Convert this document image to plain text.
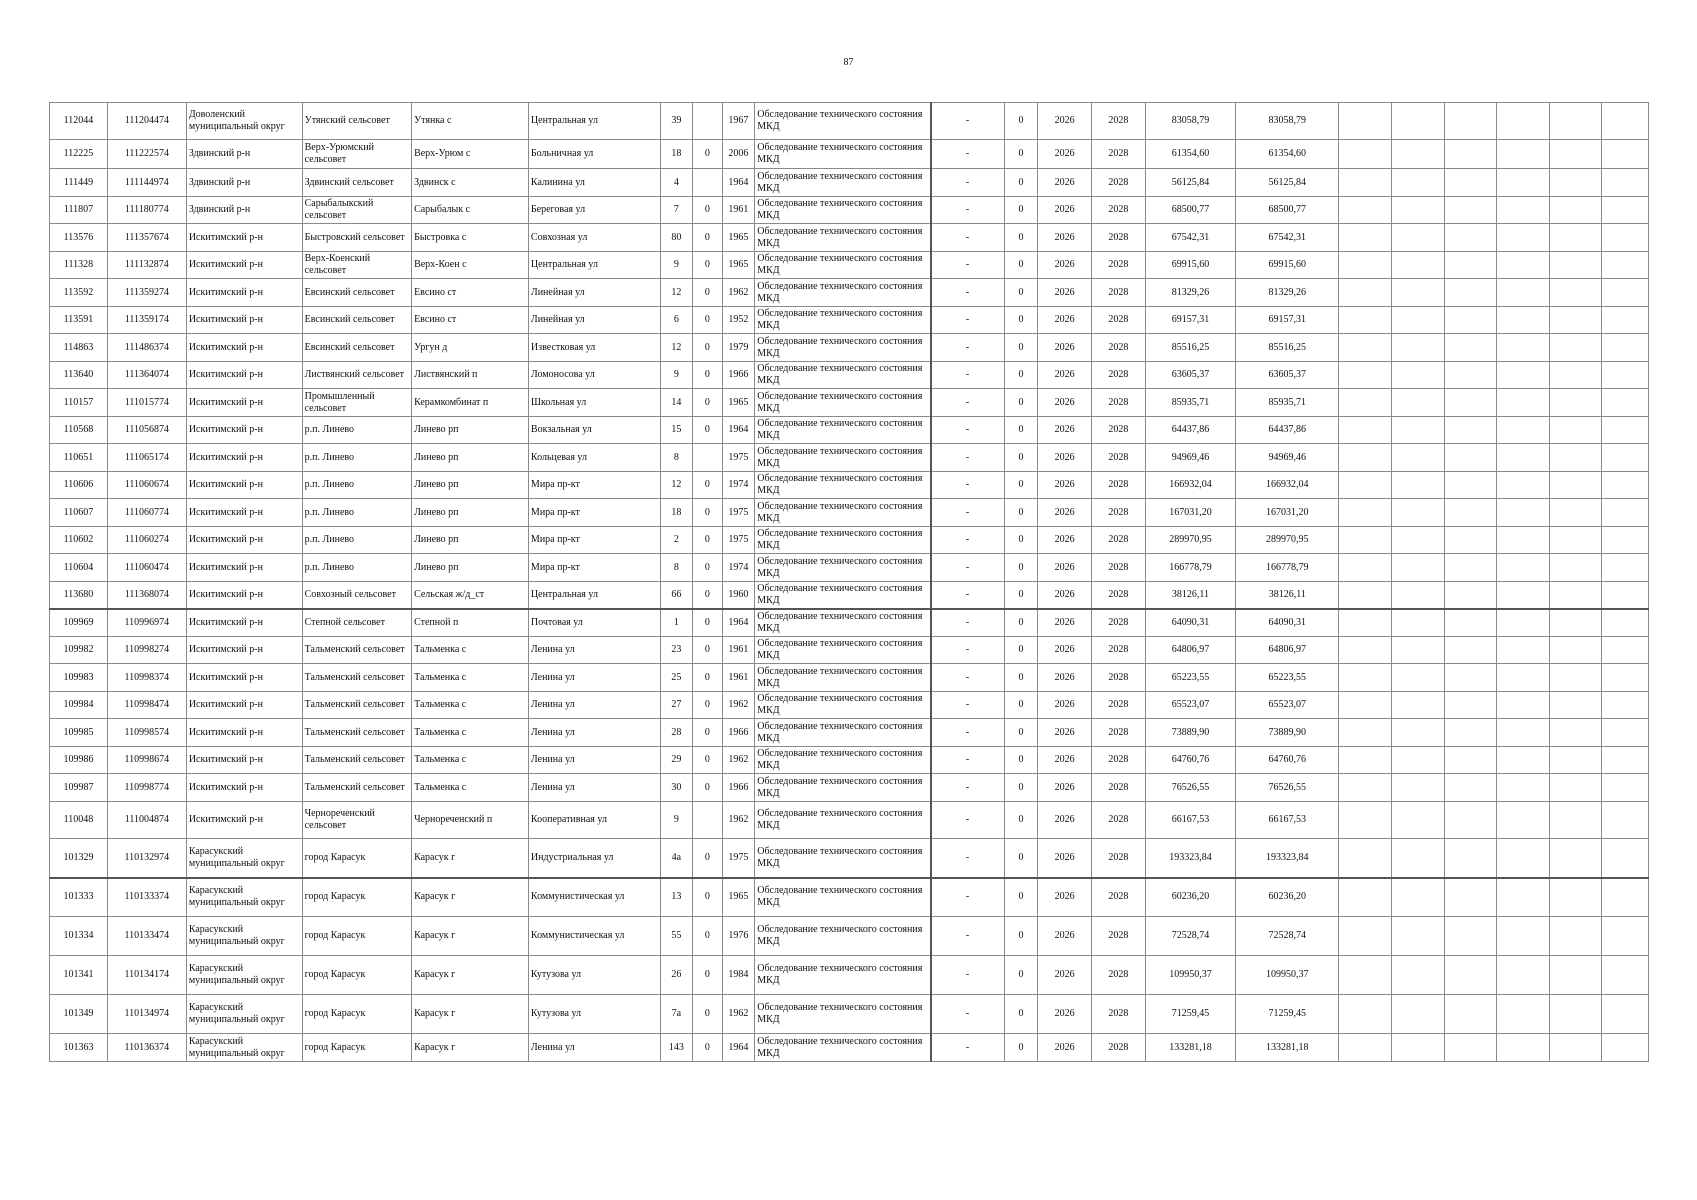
87
112044	111204474	Доволенский муниципальный округ	Утянский сельсовет	Утянка с	Центральная ул	39		1967	Обследование технического состояния МКД	-	0	2026	2028	83058,79	83058,79						
112225	111222574	Здвинский р-н	Верх-Урюмский сельсовет	Верх-Урюм с	Больничная ул	18	0	2006	Обследование технического состояния МКД	-	0	2026	2028	61354,60	61354,60						
111449	111144974	Здвинский р-н	Здвинский сельсовет	Здвинск с	Калинина ул	4		1964	Обследование технического состояния МКД	-	0	2026	2028	56125,84	56125,84						
111807	111180774	Здвинский р-н	Сарыбалыкский сельсовет	Сарыбалык с	Береговая ул	7	0	1961	Обследование технического состояния МКД	-	0	2026	2028	68500,77	68500,77						
113576	111357674	Искитимский р-н	Быстровский сельсовет	Быстровка с	Совхозная ул	80	0	1965	Обследование технического состояния МКД	-	0	2026	2028	67542,31	67542,31						
111328	111132874	Искитимский р-н	Верх-Коенский сельсовет	Верх-Коен с	Центральная ул	9	0	1965	Обследование технического состояния МКД	-	0	2026	2028	69915,60	69915,60						
113592	111359274	Искитимский р-н	Евсинский сельсовет	Евсино ст	Линейная ул	12	0	1962	Обследование технического состояния МКД	-	0	2026	2028	81329,26	81329,26						
113591	111359174	Искитимский р-н	Евсинский сельсовет	Евсино ст	Линейная ул	6	0	1952	Обследование технического состояния МКД	-	0	2026	2028	69157,31	69157,31						
114863	111486374	Искитимский р-н	Евсинский сельсовет	Ургун д	Известковая ул	12	0	1979	Обследование технического состояния МКД	-	0	2026	2028	85516,25	85516,25						
113640	111364074	Искитимский р-н	Листвянский сельсовет	Листвянский п	Ломоносова ул	9	0	1966	Обследование технического состояния МКД	-	0	2026	2028	63605,37	63605,37						
110157	111015774	Искитимский р-н	Промышленный сельсовет	Керамкомбинат п	Школьная ул	14	0	1965	Обследование технического состояния МКД	-	0	2026	2028	85935,71	85935,71						
110568	111056874	Искитимский р-н	р.п. Линево	Линево рп	Вокзальная ул	15	0	1964	Обследование технического состояния МКД	-	0	2026	2028	64437,86	64437,86						
110651	111065174	Искитимский р-н	р.п. Линево	Линево рп	Кольцевая ул	8		1975	Обследование технического состояния МКД	-	0	2026	2028	94969,46	94969,46						
110606	111060674	Искитимский р-н	р.п. Линево	Линево рп	Мира пр-кт	12	0	1974	Обследование технического состояния МКД	-	0	2026	2028	166932,04	166932,04						
110607	111060774	Искитимский р-н	р.п. Линево	Линево рп	Мира пр-кт	18	0	1975	Обследование технического состояния МКД	-	0	2026	2028	167031,20	167031,20						
110602	111060274	Искитимский р-н	р.п. Линево	Линево рп	Мира пр-кт	2	0	1975	Обследование технического состояния МКД	-	0	2026	2028	289970,95	289970,95						
110604	111060474	Искитимский р-н	р.п. Линево	Линево рп	Мира пр-кт	8	0	1974	Обследование технического состояния МКД	-	0	2026	2028	166778,79	166778,79						
113680	111368074	Искитимский р-н	Совхозный сельсовет	Сельская ж/д_ст	Центральная ул	66	0	1960	Обследование технического состояния МКД	-	0	2026	2028	38126,11	38126,11						
109969	110996974	Искитимский р-н	Степной сельсовет	Степной п	Почтовая ул	1	0	1964	Обследование технического состояния МКД	-	0	2026	2028	64090,31	64090,31						
109982	110998274	Искитимский р-н	Тальменский сельсовет	Тальменка с	Ленина ул	23	0	1961	Обследование технического состояния МКД	-	0	2026	2028	64806,97	64806,97						
109983	110998374	Искитимский р-н	Тальменский сельсовет	Тальменка с	Ленина ул	25	0	1961	Обследование технического состояния МКД	-	0	2026	2028	65223,55	65223,55						
109984	110998474	Искитимский р-н	Тальменский сельсовет	Тальменка с	Ленина ул	27	0	1962	Обследование технического состояния МКД	-	0	2026	2028	65523,07	65523,07						
109985	110998574	Искитимский р-н	Тальменский сельсовет	Тальменка с	Ленина ул	28	0	1966	Обследование технического состояния МКД	-	0	2026	2028	73889,90	73889,90						
109986	110998674	Искитимский р-н	Тальменский сельсовет	Тальменка с	Ленина ул	29	0	1962	Обследование технического состояния МКД	-	0	2026	2028	64760,76	64760,76						
109987	110998774	Искитимский р-н	Тальменский сельсовет	Тальменка с	Ленина ул	30	0	1966	Обследование технического состояния МКД	-	0	2026	2028	76526,55	76526,55						
110048	111004874	Искитимский р-н	Чернореченский сельсовет	Чернореченский п	Кооперативная ул	9		1962	Обследование технического состояния МКД	-	0	2026	2028	66167,53	66167,53						
101329	110132974	Карасукский муниципальный округ	город Карасук	Карасук г	Индустриальная ул	4а	0	1975	Обследование технического состояния МКД	-	0	2026	2028	193323,84	193323,84						
101333	110133374	Карасукский муниципальный округ	город Карасук	Карасук г	Коммунистическая ул	13	0	1965	Обследование технического состояния МКД	-	0	2026	2028	60236,20	60236,20						
101334	110133474	Карасукский муниципальный округ	город Карасук	Карасук г	Коммунистическая ул	55	0	1976	Обследование технического состояния МКД	-	0	2026	2028	72528,74	72528,74						
101341	110134174	Карасукский муниципальный округ	город Карасук	Карасук г	Кутузова ул	26	0	1984	Обследование технического состояния МКД	-	0	2026	2028	109950,37	109950,37						
101349	110134974	Карасукский муниципальный округ	город Карасук	Карасук г	Кутузова ул	7а	0	1962	Обследование технического состояния МКД	-	0	2026	2028	71259,45	71259,45						
101363	110136374	Карасукский муниципальный округ	город Карасук	Карасук г	Ленина ул	143	0	1964	Обследование технического состояния МКД	-	0	2026	2028	133281,18	133281,18						
